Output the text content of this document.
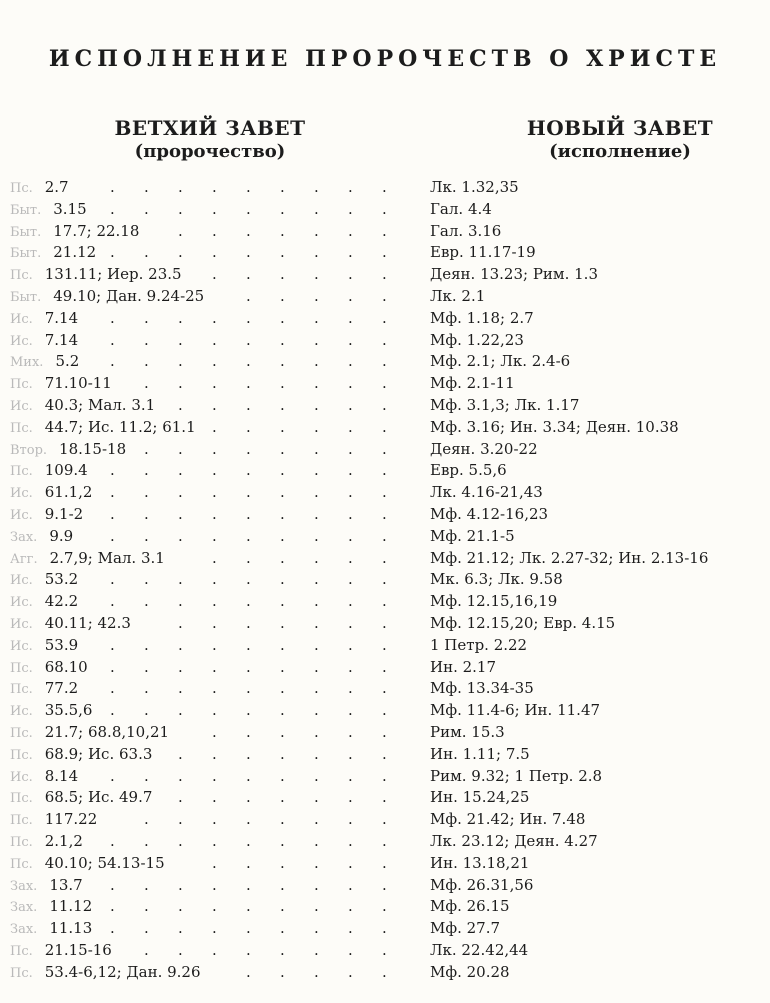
ИСПОЛНЕНИЕ ПРОРОЧЕСТВ О ХРИСТЕ
ВЕТХИЙ ЗАВЕТ
(пророчество)
НОВЫЙ ЗАВЕТ
(исполнение)
Пс. 2.7	Лк. 1.32,35
. . . . . . . . .
Быт. 3.15	Гал. 4.4
. . . . . . . . .
Быт. 17.7; 22.18	Гал. 3.16
. . . . . . .
Быт. 21.12	Евр. 11.17-19
. . . . . . . . .
Пс. 131.11; Иер. 23.5	Деян. 13.23; Рим. 1.3
. . . . . .
Быт. 49.10; Дан. 9.24-25	Лк. 2.1
. . . . .
Ис. 7.14	Мф. 1.18; 2.7
. . . . . . . . .
Ис. 7.14	Мф. 1.22,23
. . . . . . . . .
Мих. 5.2	Мф. 2.1; Лк. 2.4-6
. . . . . . . . .
Пс. 71.10-11	Мф. 2.1-11
. . . . . . . .
Ис. 40.3; Мал. 3.1	Мф. 3.1,3; Лк. 1.17
. . . . . . .
Пс. 44.7; Ис. 11.2; 61.1	Мф. 3.16; Ин. 3.34; Деян. 10.38
. . . . . .
Втор. 18.15-18	Деян. 3.20-22
. . . . . . . .
Пс. 109.4	Евр. 5.5,6
. . . . . . . . .
Ис. 61.1,2	Лк. 4.16-21,43
. . . . . . . . .
Ис. 9.1-2	Мф. 4.12-16,23
. . . . . . . . .
Зах. 9.9	Мф. 21.1-5
. . . . . . . . .
Агг. 2.7,9; Мал. 3.1	Мф. 21.12; Лк. 2.27-32; Ин. 2.13-16
. . . . . .
Ис. 53.2	Мк. 6.3; Лк. 9.58
. . . . . . . . .
Ис. 42.2	Мф. 12.15,16,19
. . . . . . . . .
Ис. 40.11; 42.3	Мф. 12.15,20; Евр. 4.15
. . . . . . .
Ис. 53.9	1 Петр. 2.22
. . . . . . . . .
Пс. 68.10	Ин. 2.17
. . . . . . . . .
Пс. 77.2	Мф. 13.34-35
. . . . . . . . .
Ис. 35.5,6	Мф. 11.4-6; Ин. 11.47
. . . . . . . . .
Пс. 21.7; 68.8,10,21	Рим. 15.3
. . . . . .
Пс. 68.9; Ис. 63.3	Ин. 1.11; 7.5
. . . . . . .
Ис. 8.14	Рим. 9.32; 1 Петр. 2.8
. . . . . . . . .
Пс. 68.5; Ис. 49.7	Ин. 15.24,25
. . . . . . .
Пс. 117.22	Мф. 21.42; Ин. 7.48
. . . . . . . .
Пс. 2.1,2	Лк. 23.12; Деян. 4.27
. . . . . . . . .
Пс. 40.10; 54.13-15	Ин. 13.18,21
. . . . . .
Зах. 13.7	Мф. 26.31,56
. . . . . . . . .
Зах. 11.12	Мф. 26.15
. . . . . . . . .
Зах. 11.13	Мф. 27.7
. . . . . . . . .
Пс. 21.15-16	Лк. 22.42,44
. . . . . . . .
Пс. 53.4-6,12; Дан. 9.26	Мф. 20.28
. . . . .
